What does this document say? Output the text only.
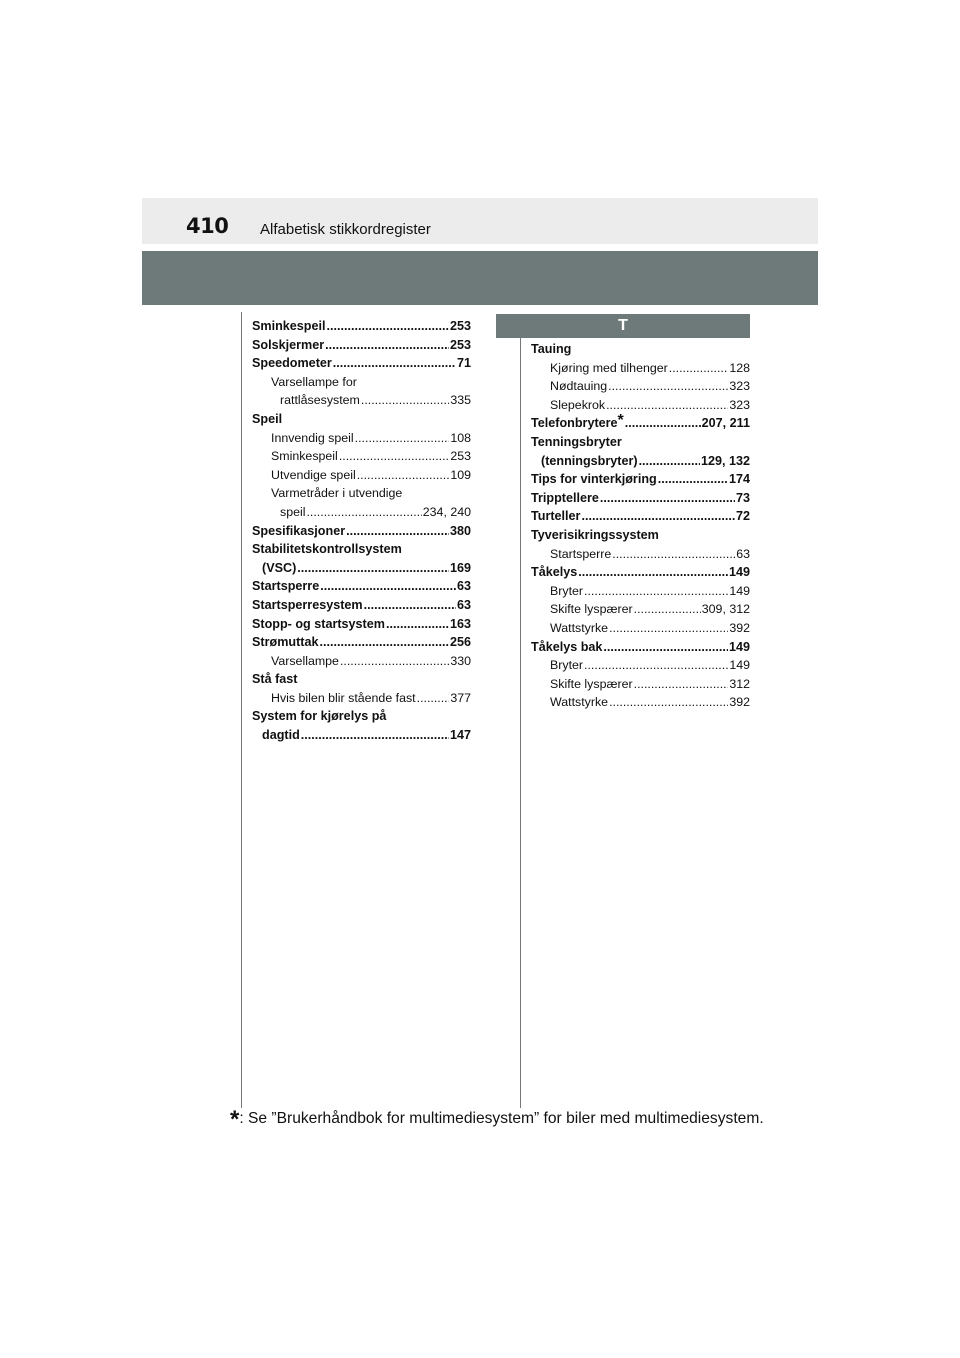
410 Alfabetisk stikkordregister
Sminkespeil .....	253
Solskjermer .....	253
Speedometer .....	71
Varsellampe for
rattlåsesystem .....	335
Speil
Innvendig speil .....	108
Sminkespeil .....	253
Utvendige speil .....	109
Varmetråder i utvendige
speil .....	234, 240
Spesifikasjoner .....	380
Stabilitetskontrollsystem
(VSC) .....	169
Startsperre .....	63
Startsperresystem .....	63
Stopp- og startsystem .....	163
Strømuttak .....	256
Varsellampe .....	330
Stå fast
Hvis bilen blir stående fast .....	377
System for kjørelys på
dagtid .....	147
T
Tauing
Kjøring med tilhenger .....	128
Nødtauing .....	323
Slepekrok .....	323
Telefonbrytere* .....	207, 211
Tenningsbryter
(tenningsbryter) .....	129, 132
Tips for vinterkjøring .....	174
Tripptellere .....	73
Turteller .....	72
Tyverisikringssystem
Startsperre .....	63
Tåkelys .....	149
Bryter .....	149
Skifte lyspærer .....	309, 312
Wattstyrke .....	392
Tåkelys bak .....	149
Bryter .....	149
Skifte lyspærer .....	312
Wattstyrke .....	392
*: Se ”Brukerhåndbok for multimediesystem” for biler med multimediesystem.
